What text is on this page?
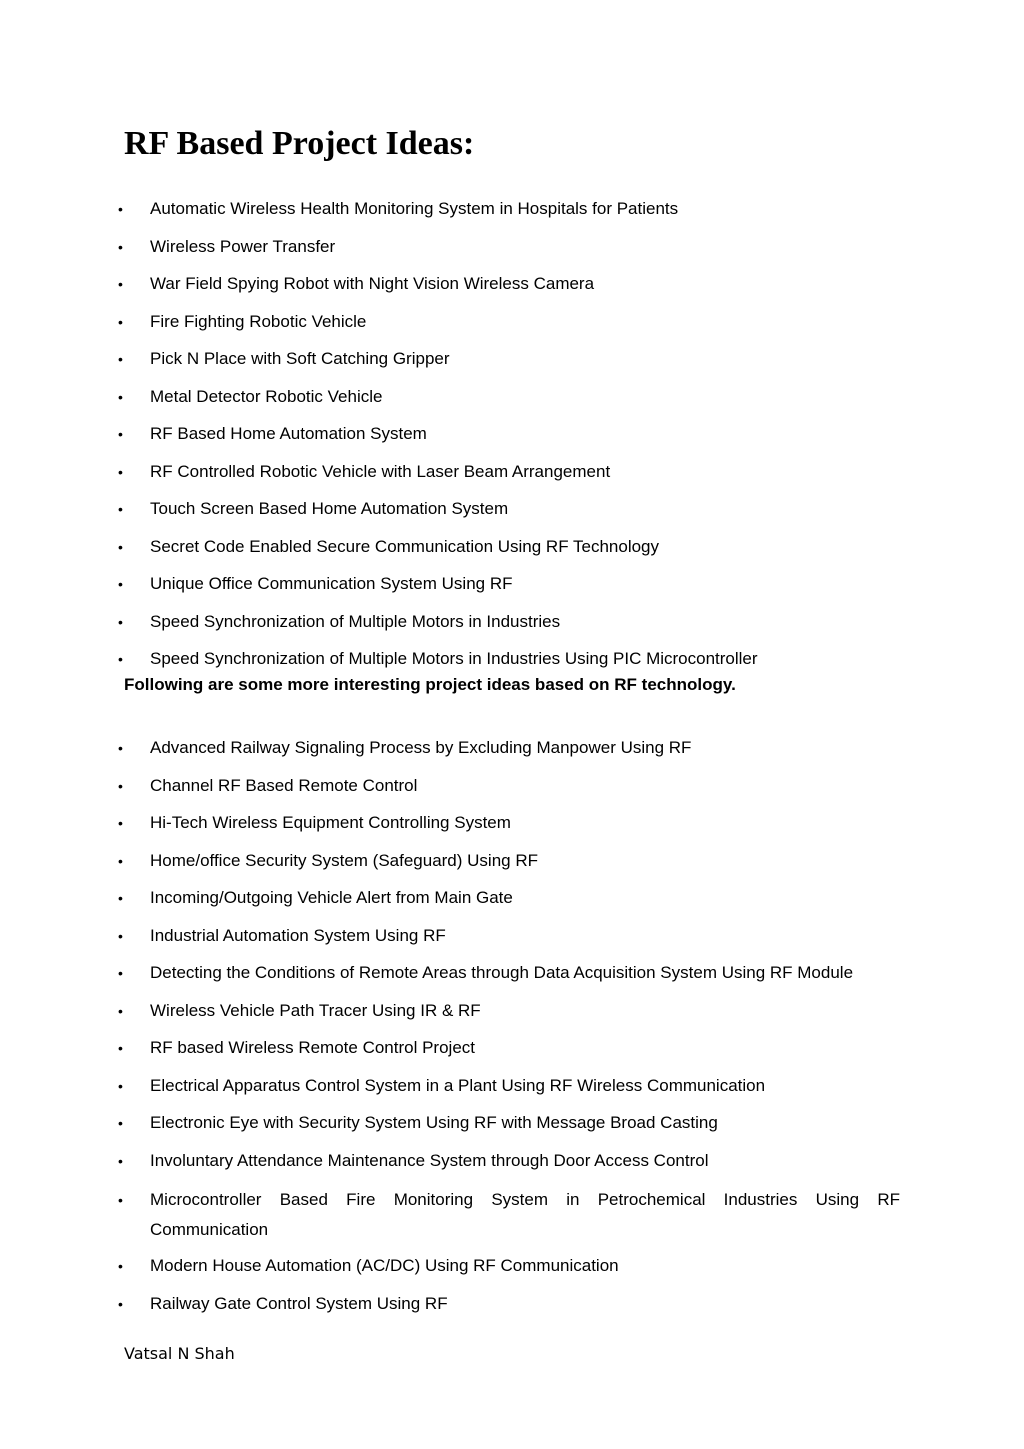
RF Based Project Ideas:
• Automatic Wireless Health Monitoring System in Hospitals for Patients
• Wireless Power Transfer
• War Field Spying Robot with Night Vision Wireless Camera
• Fire Fighting Robotic Vehicle
• Pick N Place with Soft Catching Gripper
• Metal Detector Robotic Vehicle
• RF Based Home Automation System
• RF Controlled Robotic Vehicle with Laser Beam Arrangement
• Touch Screen Based Home Automation System
• Secret Code Enabled Secure Communication Using RF Technology
• Unique Office Communication System Using RF
• Speed Synchronization of Multiple Motors in Industries
• Speed Synchronization of Multiple Motors in Industries Using PIC Microcontroller

Following are some more interesting project ideas based on RF technology.

• Advanced Railway Signaling Process by Excluding Manpower Using RF
• Channel RF Based Remote Control
• Hi-Tech Wireless Equipment Controlling System
• Home/office Security System (Safeguard) Using RF
• Incoming/Outgoing Vehicle Alert from Main Gate
• Industrial Automation System Using RF
• Detecting the Conditions of Remote Areas through Data Acquisition System Using RF Module
• Wireless Vehicle Path Tracer Using IR & RF
• RF based Wireless Remote Control Project
• Electrical Apparatus Control System in a Plant Using RF Wireless Communication
• Electronic Eye with Security System Using RF with Message Broad Casting
• Involuntary Attendance Maintenance System through Door Access Control
• Microcontroller Based Fire Monitoring System in Petrochemical Industries Using RF Communication
• Modern House Automation (AC/DC) Using RF Communication
• Railway Gate Control System Using RF

Vatsal N Shah
